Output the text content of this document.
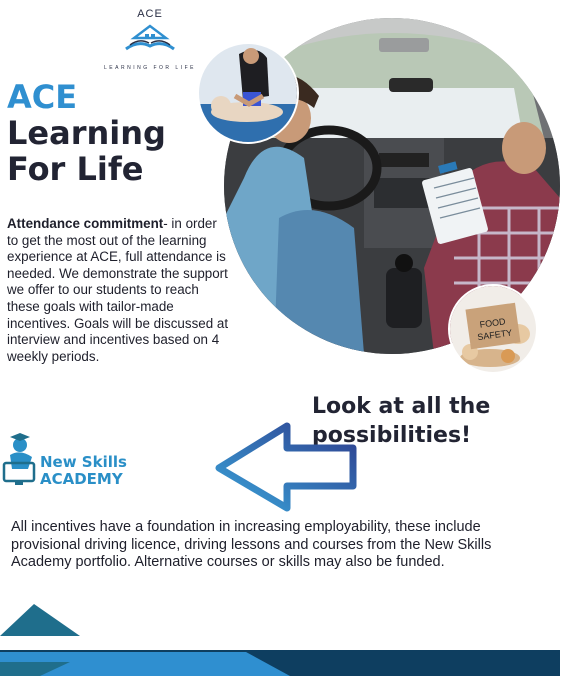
ACE
LEARNING FOR LIFE
ACE
Learning
For Life
Attendance commitment- in order to get the most out of the learning experience at ACE, full attendance is needed. We demonstrate the support we offer to our students to reach these goals with tailor-made incentives. Goals will be discussed at interview and incentives based on 4 weekly periods.
FOOD
SAFETY
Look at all the
possibilities!
New Skills
ACADEMY
All incentives have a foundation in increasing employability, these include provisional driving licence, driving lessons and courses from the New Skills Academy portfolio. Alternative courses or skills may also be funded.
